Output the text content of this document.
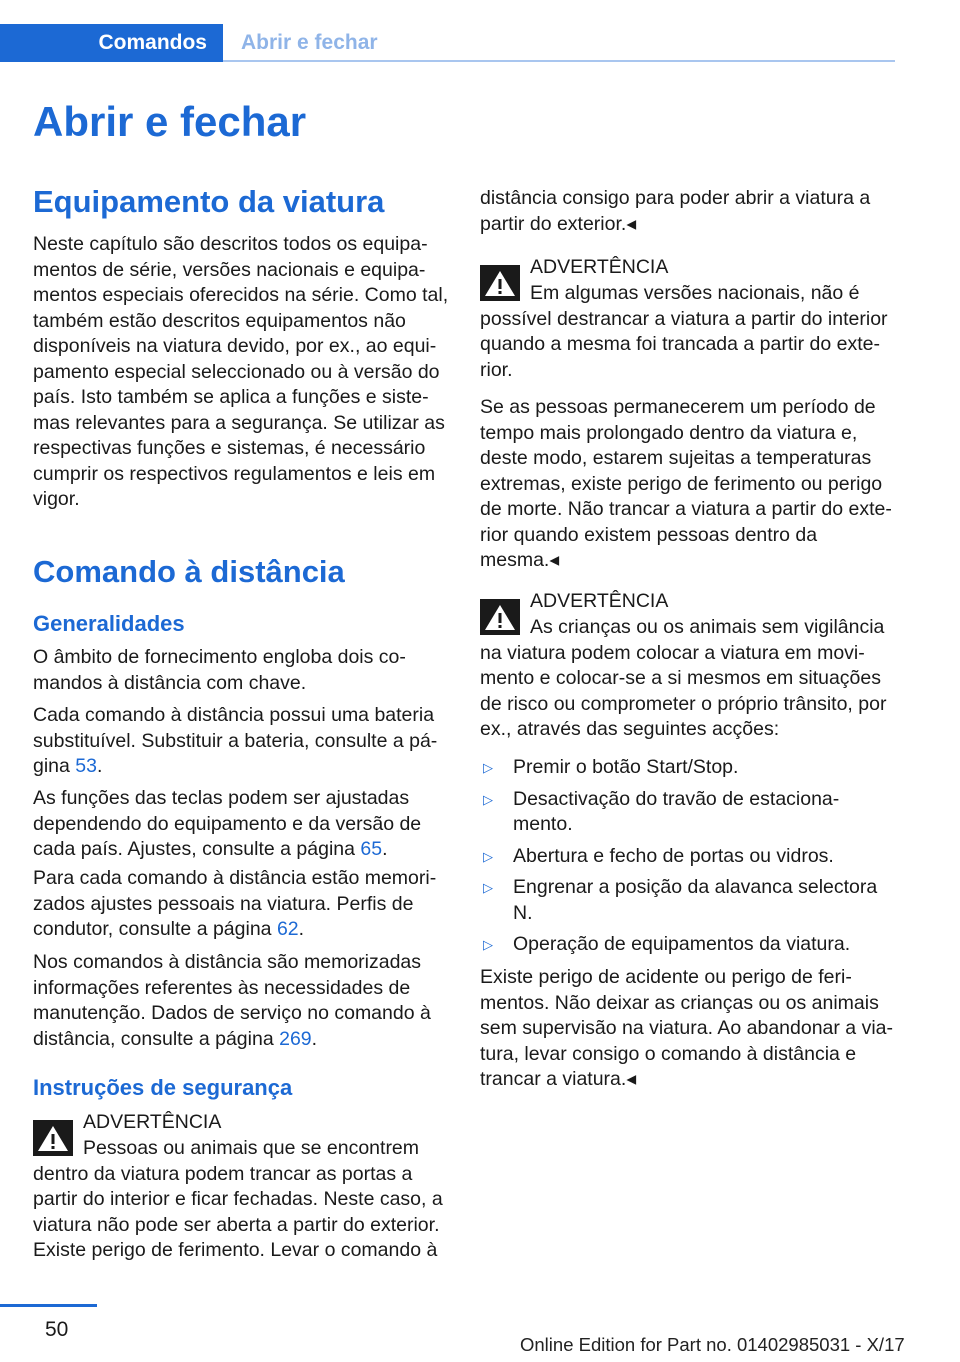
Comandos	Abrir e fechar
Abrir e fechar
Equipamento da viatura

Neste capítulo são descritos todos os equipa-mentos de série, versões nacionais e equipa-mentos especiais oferecidos na série. Como tal, também estão descritos equipamentos não disponíveis na viatura devido, por ex., ao equi-pamento especial seleccionado ou à versão do país. Isto também se aplica a funções e siste-mas relevantes para a segurança. Se utilizar as respectivas funções e sistemas, é necessário cumprir os respectivos regulamentos e leis em vigor.

Comando à distância
Generalidades

O âmbito de fornecimento engloba dois co-mandos à distância com chave.

Cada comando à distância possui uma bateria substituível. Substituir a bateria, consulte a pá-gina 53.

As funções das teclas podem ser ajustadas dependendo do equipamento e da versão de cada país. Ajustes, consulte a página 65.

Para cada comando à distância estão memori-zados ajustes pessoais na viatura. Perfis de condutor, consulte a página 62.

Nos comandos à distância são memorizadas informações referentes às necessidades de manutenção. Dados de serviço no comando à distância, consulte a página 269.

Instruções de segurança
ADVERTÊNCIA

Pessoas ou animais que se encontrem dentro da viatura podem trancar as portas a partir do interior e ficar fechadas. Neste caso, a viatura não pode ser aberta a partir do exterior. Existe perigo de ferimento. Levar o comando à

distância consigo para poder abrir a viatura a partir do exterior.◂

ADVERTÊNCIA

Em algumas versões nacionais, não é possível destrancar a viatura a partir do interior quando a mesma foi trancada a partir do exte-rior.

Se as pessoas permanecerem um período de tempo mais prolongado dentro da viatura e, deste modo, estarem sujeitas a temperaturas extremas, existe perigo de ferimento ou perigo de morte. Não trancar a viatura a partir do exte-rior quando existem pessoas dentro da mesma.◂

ADVERTÊNCIA

As crianças ou os animais sem vigilância na viatura podem colocar a viatura em movi-mento e colocar-se a si mesmos em situações de risco ou comprometer o próprio trânsito, por ex., através das seguintes acções:

▷ Premir o botão Start/Stop.
▷ Desactivação do travão de estaciona-mento.
▷ Abertura e fecho de portas ou vidros.
▷ Engrenar a posição da alavanca selectora N.
▷ Operação de equipamentos da viatura.

Existe perigo de acidente ou perigo de feri-mentos. Não deixar as crianças ou os animais sem supervisão na viatura. Ao abandonar a via-tura, levar consigo o comando à distância e trancar a viatura.◂

50
Online Edition for Part no. 01402985031 - X/17
